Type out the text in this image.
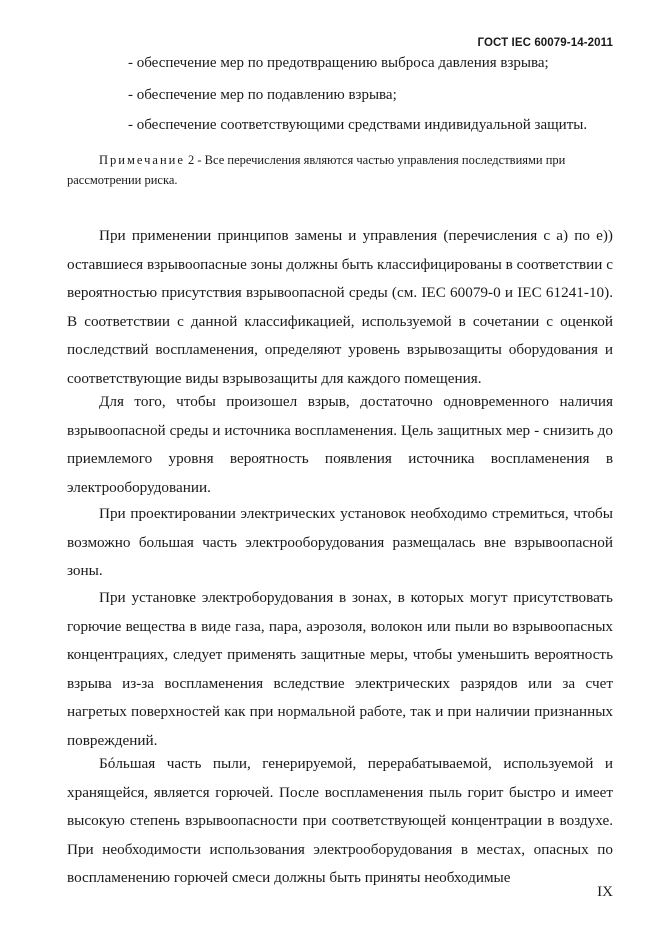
ГОСТ IEC 60079-14-2011
- обеспечение мер по предотвращению выброса давления взрыва;
- обеспечение мер по подавлению взрыва;
- обеспечение соответствующими средствами индивидуальной защиты.
Примечание 2 - Все перечисления являются частью управления последствиями при рассмотрении риска.
При применении принципов замены и управления (перечисления с а) по е)) оставшиеся взрывоопасные зоны должны быть классифицированы в соответствии с вероятностью присутствия взрывоопасной среды (см. IEC 60079-0 и IEC 61241-10). В соответствии с данной классификацией, используемой в сочетании с оценкой последствий воспламенения, определяют уровень взрывозащиты оборудования и соответствующие виды взрывозащиты для каждого помещения.
Для того, чтобы произошел взрыв, достаточно одновременного наличия взрывоопасной среды и источника воспламенения. Цель защитных мер - снизить до приемлемого уровня вероятность появления источника воспламенения в электрооборудовании.
При проектировании электрических установок необходимо стремиться, чтобы возможно большая часть электрооборудования размещалась вне взрывоопасной зоны.
При установке электроборудования в зонах, в которых могут присутствовать горючие вещества в виде газа, пара, аэрозоля, волокон или пыли во взрывоопасных концентрациях, следует применять защитные меры, чтобы уменьшить вероятность взрыва из-за воспламенения вследствие электрических разрядов или за счет нагретых поверхностей как при нормальной работе, так и при наличии признанных повреждений.
Бóльшая часть пыли, генерируемой, перерабатываемой, используемой и хранящейся, является горючей. После воспламенения пыль горит быстро и имеет высокую степень взрывоопасности при соответствующей концентрации в воздухе. При необходимости использования электрооборудования в местах, опасных по воспламенению горючей смеси должны быть приняты необходимые
IX
